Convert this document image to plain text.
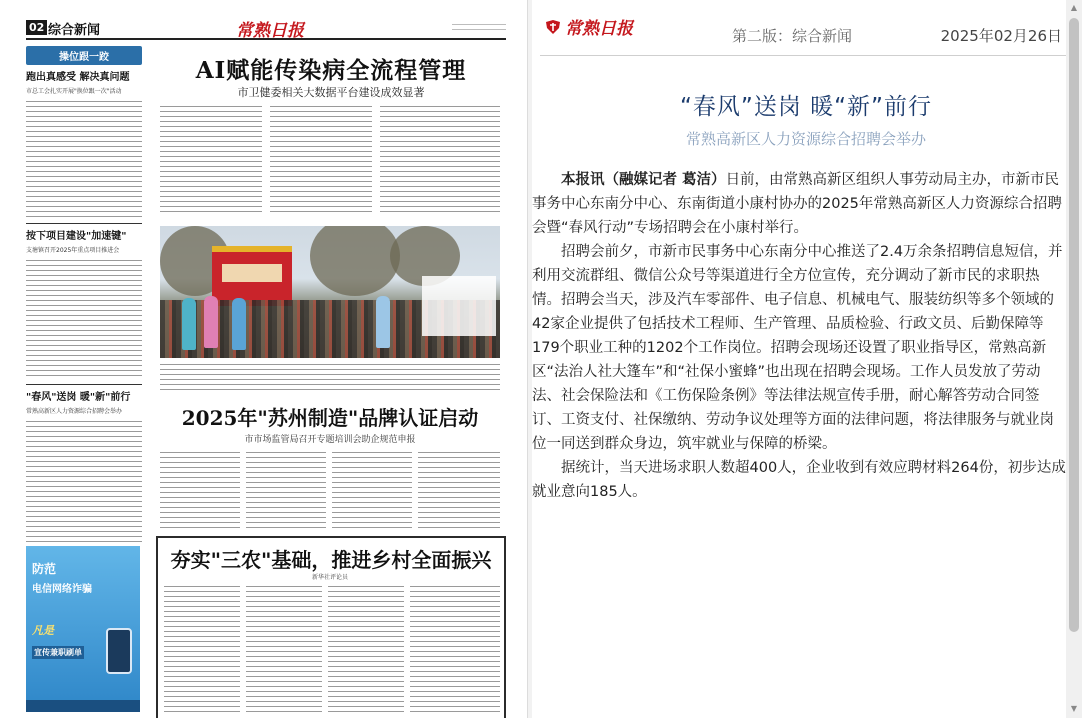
02 综合新闻	常熟日报
操位跟一跤
跑出真感受 解决真问题
市总工会扎实开展"换位跟一次"活动
按下项目建设"加速键"
支塘镇召开2025年重点项目推进会
"春风"送岗 暖"新"前行
常熟高新区人力资源综合招聘会举办
AI赋能传染病全流程管理
市卫健委相关大数据平台建设成效显著
2025年"苏州制造"品牌认证启动
市市场监管局召开专题培训会助企规范申报
防范
电信网络诈骗
凡是
宣传兼职刷单
夯实"三农"基础，推进乡村全面振兴
新华社评论员
常熟日报	第二版：综合新闻	2025年02月26日
“春风”送岗 暖“新”前行
常熟高新区人力资源综合招聘会举办

本报讯（融媒记者 葛洁）日前，由常熟高新区组织人事劳动局主办，市新市民事务中心东南分中心、东南街道小康村协办的2025年常熟高新区人力资源综合招聘会暨“春风行动”专场招聘会在小康村举行。

招聘会前夕，市新市民事务中心东南分中心推送了2.4万余条招聘信息短信，并利用交流群组、微信公众号等渠道进行全方位宣传，充分调动了新市民的求职热情。招聘会当天，涉及汽车零部件、电子信息、机械电气、服装纺织等多个领域的42家企业提供了包括技术工程师、生产管理、品质检验、行政文员、后勤保障等179个职业工种的1202个工作岗位。招聘会现场还设置了职业指导区，常熟高新区“法治人社大篷车”和“社保小蜜蜂”也出现在招聘会现场。工作人员发放了劳动法、社会保险法和《工伤保险条例》等法律法规宣传手册，耐心解答劳动合同签订、工资支付、社保缴纳、劳动争议处理等方面的法律问题，将法律服务与就业岗位一同送到群众身边，筑牢就业与保障的桥梁。

据统计，当天进场求职人数超400人，企业收到有效应聘材料264份，初步达成就业意向185人。

▲
▼
